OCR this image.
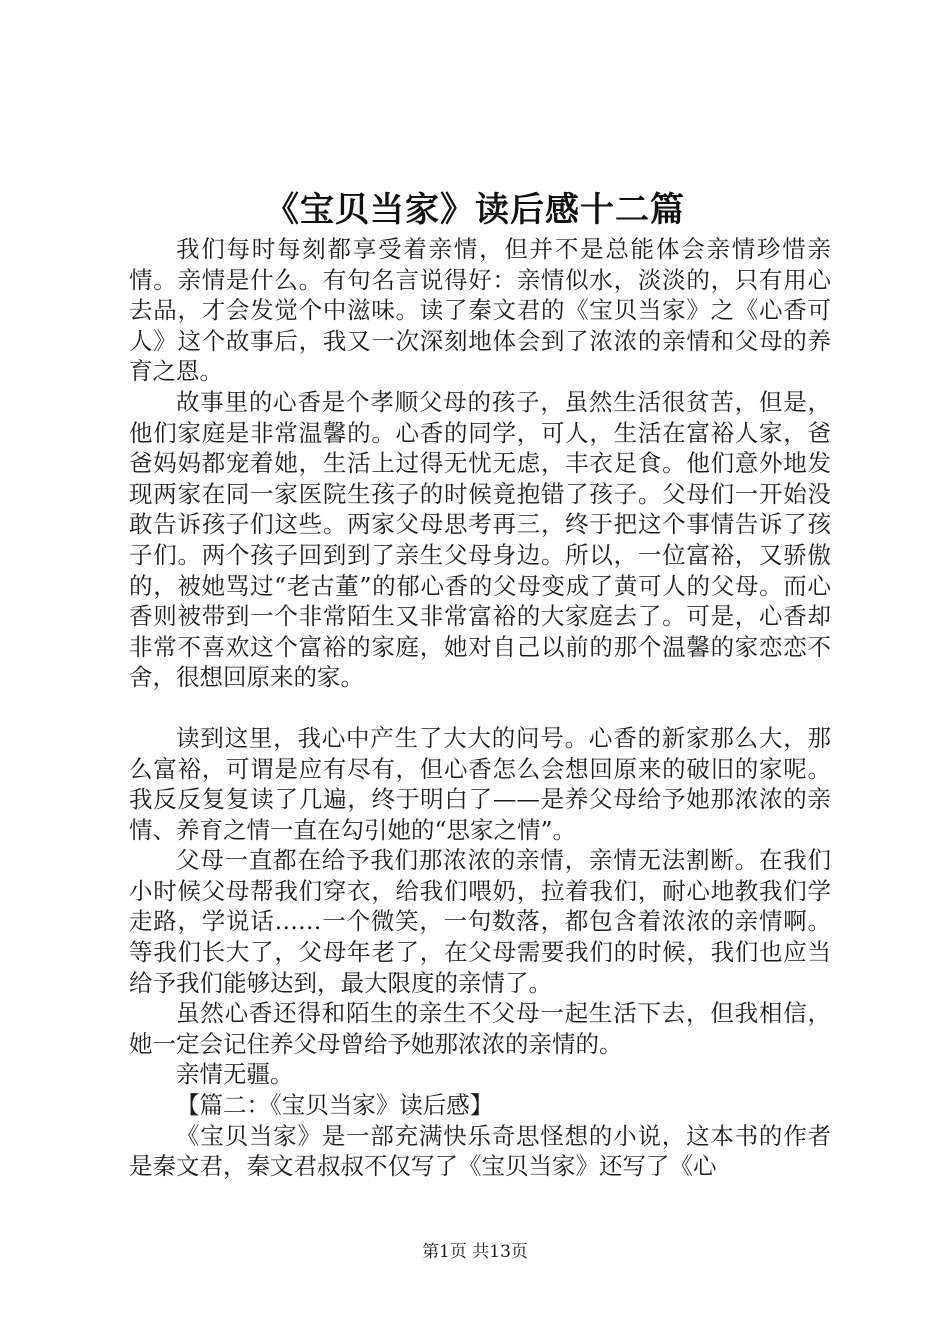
《宝贝当家》读后感十二篇

我们每时每刻都享受着亲情，但并不是总能体会亲情珍惜亲情。亲情是什么。有句名言说得好：亲情似水，淡淡的，只有用心去品，才会发觉个中滋味。读了秦文君的《宝贝当家》之《心香可人》这个故事后，我又一次深刻地体会到了浓浓的亲情和父母的养育之恩。

故事里的心香是个孝顺父母的孩子，虽然生活很贫苦，但是，他们家庭是非常温馨的。心香的同学，可人，生活在富裕人家，爸爸妈妈都宠着她，生活上过得无忧无虑，丰衣足食。他们意外地发现两家在同一家医院生孩子的时候竟抱错了孩子。父母们一开始没敢告诉孩子们这些。两家父母思考再三，终于把这个事情告诉了孩子们。两个孩子回到到了亲生父母身边。所以，一位富裕，又骄傲的，被她骂过“老古董”的郁心香的父母变成了黄可人的父母。而心香则被带到一个非常陌生又非常富裕的大家庭去了。可是，心香却非常不喜欢这个富裕的家庭，她对自己以前的那个温馨的家恋恋不舍，很想回原来的家。

读到这里，我心中产生了大大的问号。心香的新家那么大，那么富裕，可谓是应有尽有，但心香怎么会想回原来的破旧的家呢。我反反复复读了几遍，终于明白了——是养父母给予她那浓浓的亲情、养育之情一直在勾引她的“思家之情”。

父母一直都在给予我们那浓浓的亲情，亲情无法割断。在我们小时候父母帮我们穿衣，给我们喂奶，拉着我们，耐心地教我们学走路，学说话……一个微笑，一句数落，都包含着浓浓的亲情啊。等我们长大了，父母年老了，在父母需要我们的时候，我们也应当给予我们能够达到，最大限度的亲情了。

虽然心香还得和陌生的亲生不父母一起生活下去，但我相信，她一定会记住养父母曾给予她那浓浓的亲情的。

亲情无疆。

【篇二：《宝贝当家》读后感】

《宝贝当家》是一部充满快乐奇思怪想的小说，这本书的作者是秦文君，秦文君叔叔不仅写了《宝贝当家》还写了《心

第1页 共13页
